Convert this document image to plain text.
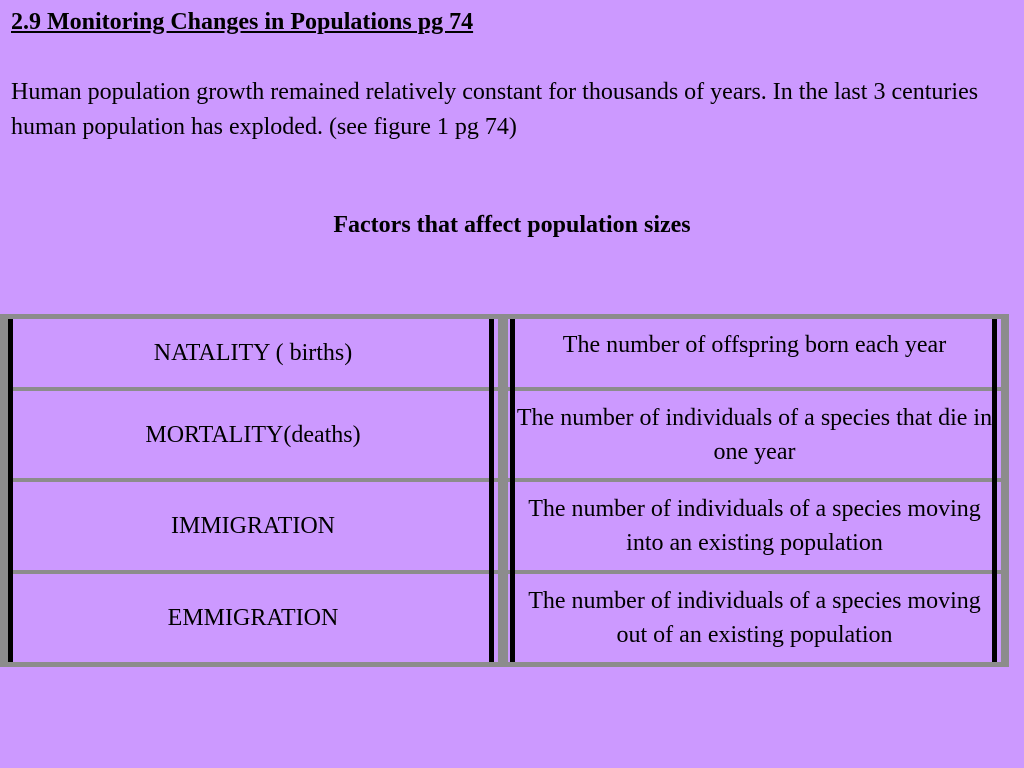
2.9 Monitoring Changes in Populations pg 74
Human population growth remained relatively constant for thousands of years. In the last 3 centuries human population has exploded. (see figure 1 pg 74)
Factors that affect population sizes
NATALITY ( births)	The number of offspring born each year
MORTALITY(deaths)
The number of individuals of a species that die in one year
IMMIGRATION
The number of individuals of a species moving into an existing population
EMMIGRATION
The number of individuals of a species moving out of an existing population
